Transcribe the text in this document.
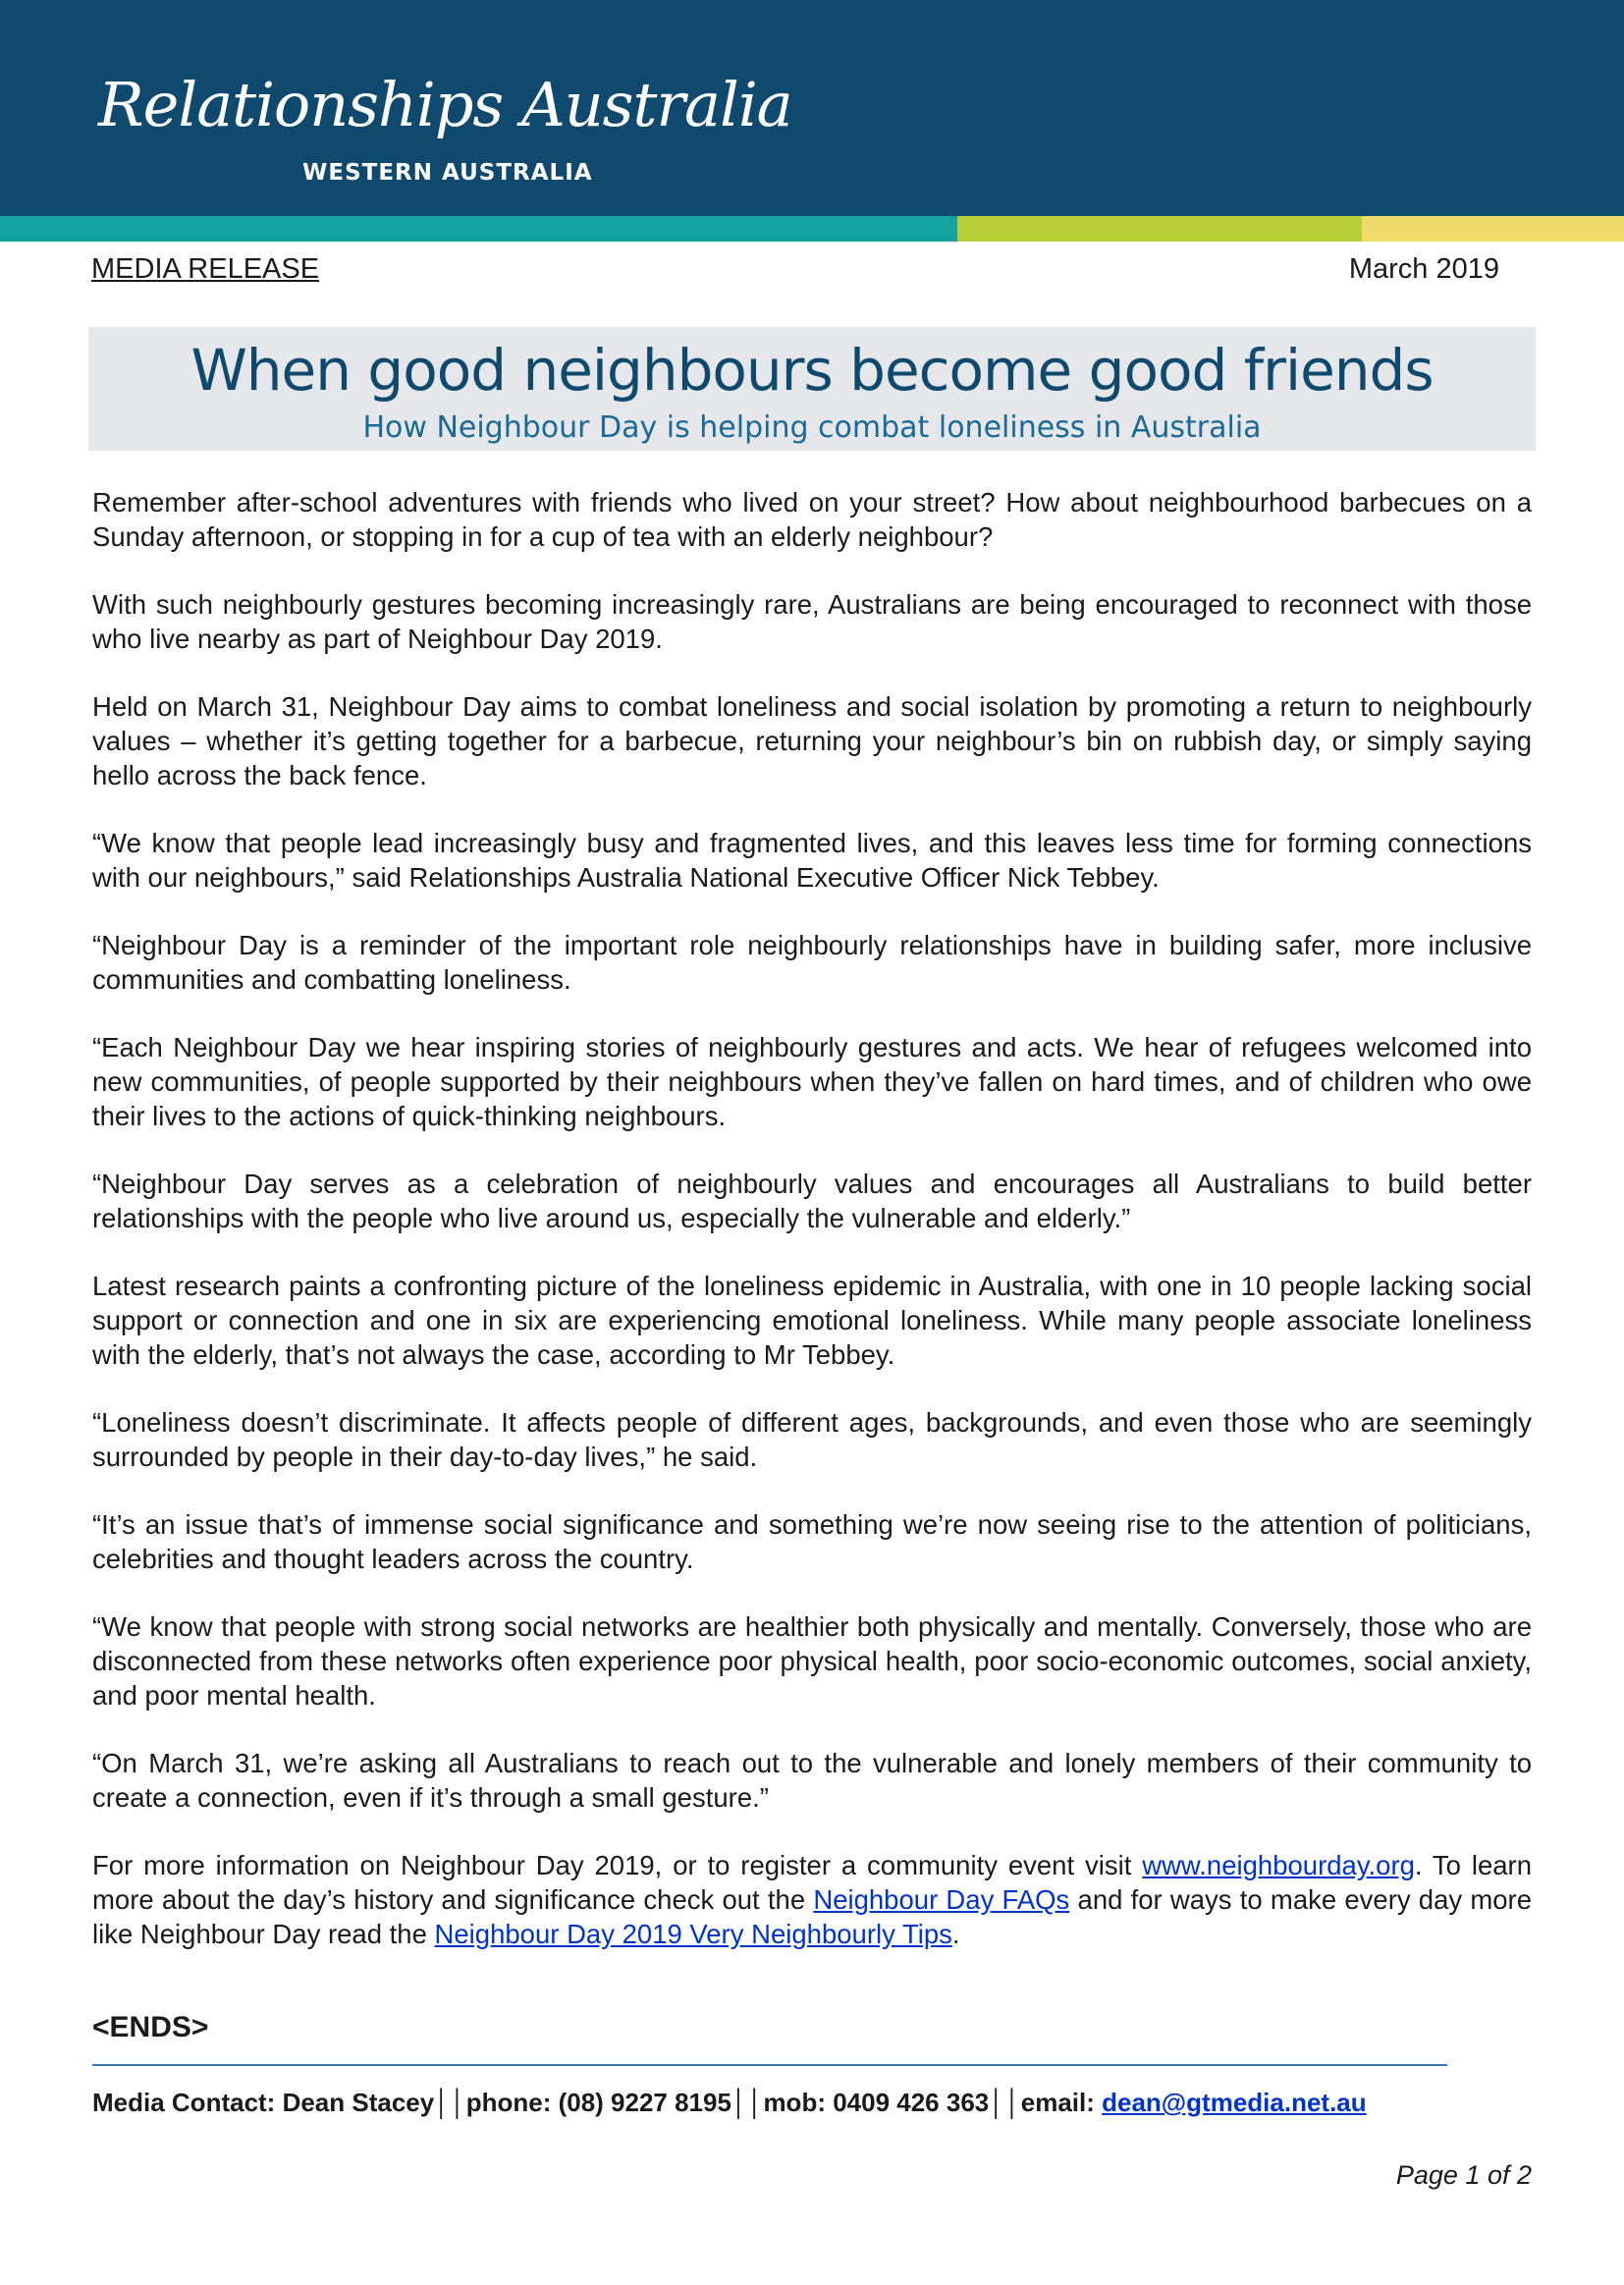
Relationships Australia
WESTERN AUSTRALIA
MEDIA RELEASE	March 2019
When good neighbours become good friends
How Neighbour Day is helping combat loneliness in Australia

Remember after-school adventures with friends who lived on your street? How about neighbourhood barbecues on a Sunday afternoon, or stopping in for a cup of tea with an elderly neighbour?

With such neighbourly gestures becoming increasingly rare, Australians are being encouraged to reconnect with those who live nearby as part of Neighbour Day 2019.

Held on March 31, Neighbour Day aims to combat loneliness and social isolation by promoting a return to neighbourly values – whether it’s getting together for a barbecue, returning your neighbour’s bin on rubbish day, or simply saying hello across the back fence.

“We know that people lead increasingly busy and fragmented lives, and this leaves less time for forming connections with our neighbours,” said Relationships Australia National Executive Officer Nick Tebbey.

“Neighbour Day is a reminder of the important role neighbourly relationships have in building safer, more inclusive communities and combatting loneliness.

“Each Neighbour Day we hear inspiring stories of neighbourly gestures and acts. We hear of refugees welcomed into new communities, of people supported by their neighbours when they’ve fallen on hard times, and of children who owe their lives to the actions of quick-thinking neighbours.

“Neighbour Day serves as a celebration of neighbourly values and encourages all Australians to build better relationships with the people who live around us, especially the vulnerable and elderly.”

Latest research paints a confronting picture of the loneliness epidemic in Australia, with one in 10 people lacking social support or connection and one in six are experiencing emotional loneliness. While many people associate loneliness with the elderly, that’s not always the case, according to Mr Tebbey.

“Loneliness doesn’t discriminate. It affects people of different ages, backgrounds, and even those who are seemingly surrounded by people in their day-to-day lives,” he said.

“It’s an issue that’s of immense social significance and something we’re now seeing rise to the attention of politicians, celebrities and thought leaders across the country.

“We know that people with strong social networks are healthier both physically and mentally. Conversely, those who are disconnected from these networks often experience poor physical health, poor socio-economic outcomes, social anxiety, and poor mental health.

“On March 31, we’re asking all Australians to reach out to the vulnerable and lonely members of their community to create a connection, even if it’s through a small gesture.”

For more information on Neighbour Day 2019, or to register a community event visit www.neighbourday.org. To learn more about the day’s history and significance check out the Neighbour Day FAQs and for ways to make every day more like Neighbour Day read the Neighbour Day 2019 Very Neighbourly Tips.

<ENDS>
Media Contact: Dean Stacey││phone: (08) 9227 8195││mob: 0409 426 363││email: dean@gtmedia.net.au
Page 1 of 2
